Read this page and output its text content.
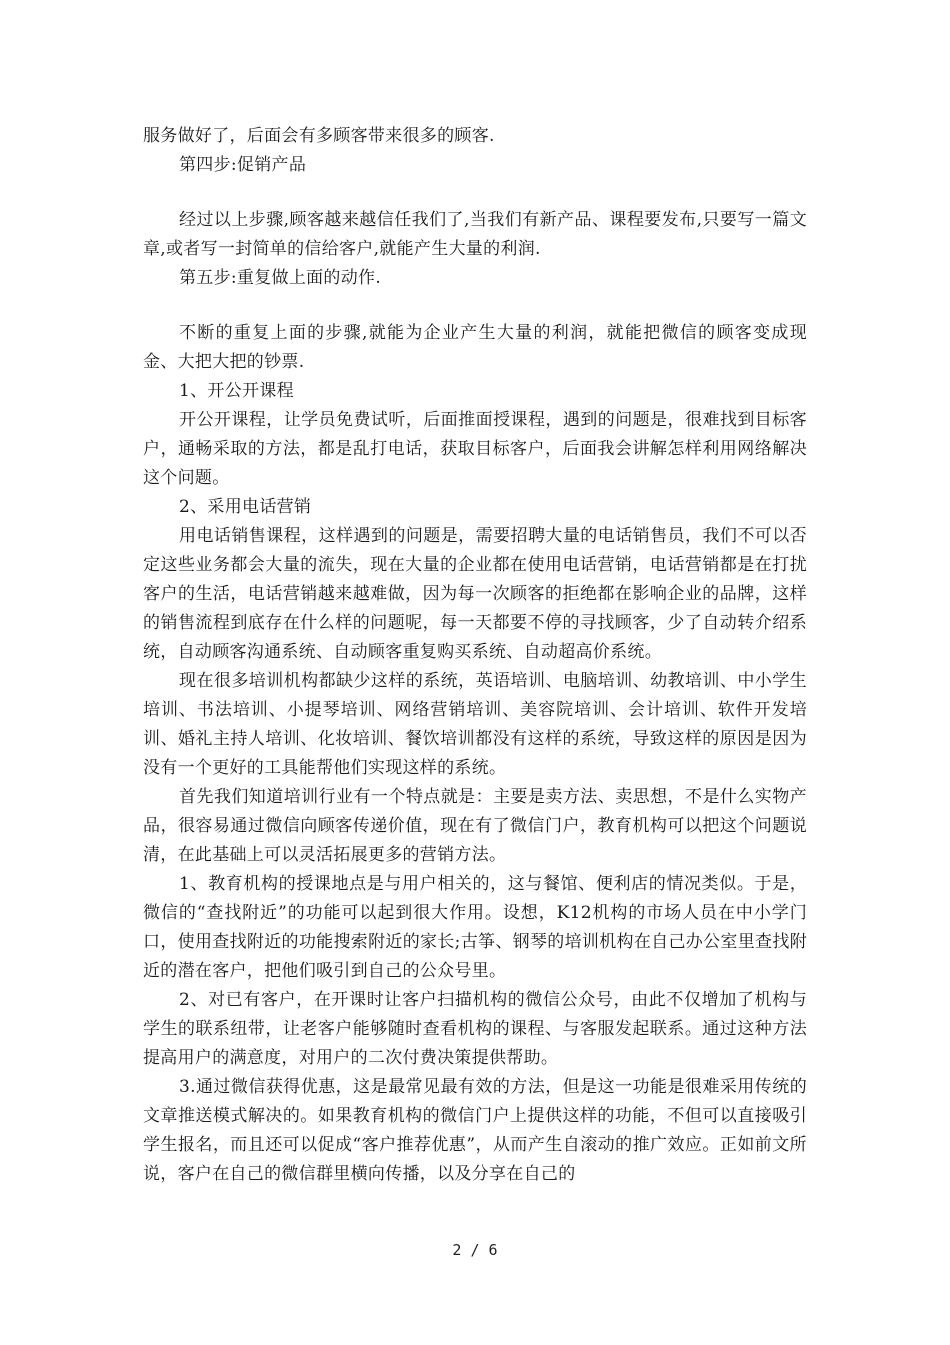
服务做好了，后面会有多顾客带来很多的顾客.

第四步:促销产品

经过以上步骤,顾客越来越信任我们了,当我们有新产品、课程要发布,只要写一篇文章,或者写一封简单的信给客户,就能产生大量的利润.

第五步:重复做上面的动作.

不断的重复上面的步骤,就能为企业产生大量的利润，就能把微信的顾客变成现金、大把大把的钞票.

1、开公开课程

开公开课程，让学员免费试听，后面推面授课程，遇到的问题是，很难找到目标客户，通畅采取的方法，都是乱打电话，获取目标客户，后面我会讲解怎样利用网络解决这个问题。

2、采用电话营销

用电话销售课程，这样遇到的问题是，需要招聘大量的电话销售员，我们不可以否定这些业务都会大量的流失，现在大量的企业都在使用电话营销，电话营销都是在打扰客户的生活，电话营销越来越难做，因为每一次顾客的拒绝都在影响企业的品牌，这样的销售流程到底存在什么样的问题呢，每一天都要不停的寻找顾客，少了自动转介绍系统，自动顾客沟通系统、自动顾客重复购买系统、自动超高价系统。

现在很多培训机构都缺少这样的系统，英语培训、电脑培训、幼教培训、中小学生培训、书法培训、小提琴培训、网络营销培训、美容院培训、会计培训、软件开发培训、婚礼主持人培训、化妆培训、餐饮培训都没有这样的系统，导致这样的原因是因为没有一个更好的工具能帮他们实现这样的系统。

首先我们知道培训行业有一个特点就是：主要是卖方法、卖思想，不是什么实物产品，很容易通过微信向顾客传递价值，现在有了微信门户，教育机构可以把这个问题说清，在此基础上可以灵活拓展更多的营销方法。

1、教育机构的授课地点是与用户相关的，这与餐馆、便利店的情况类似。于是，微信的“查找附近”的功能可以起到很大作用。设想，K12机构的市场人员在中小学门口，使用查找附近的功能搜索附近的家长;古筝、钢琴的培训机构在自己办公室里查找附近的潜在客户，把他们吸引到自己的公众号里。

2、对已有客户，在开课时让客户扫描机构的微信公众号，由此不仅增加了机构与学生的联系纽带，让老客户能够随时查看机构的课程、与客服发起联系。通过这种方法提高用户的满意度，对用户的二次付费决策提供帮助。

3.通过微信获得优惠，这是最常见最有效的方法，但是这一功能是很难采用传统的文章推送模式解决的。如果教育机构的微信门户上提供这样的功能，不但可以直接吸引学生报名，而且还可以促成“客户推荐优惠”，从而产生自滚动的推广效应。正如前文所说，客户在自己的微信群里横向传播，以及分享在自己的

2 / 6
